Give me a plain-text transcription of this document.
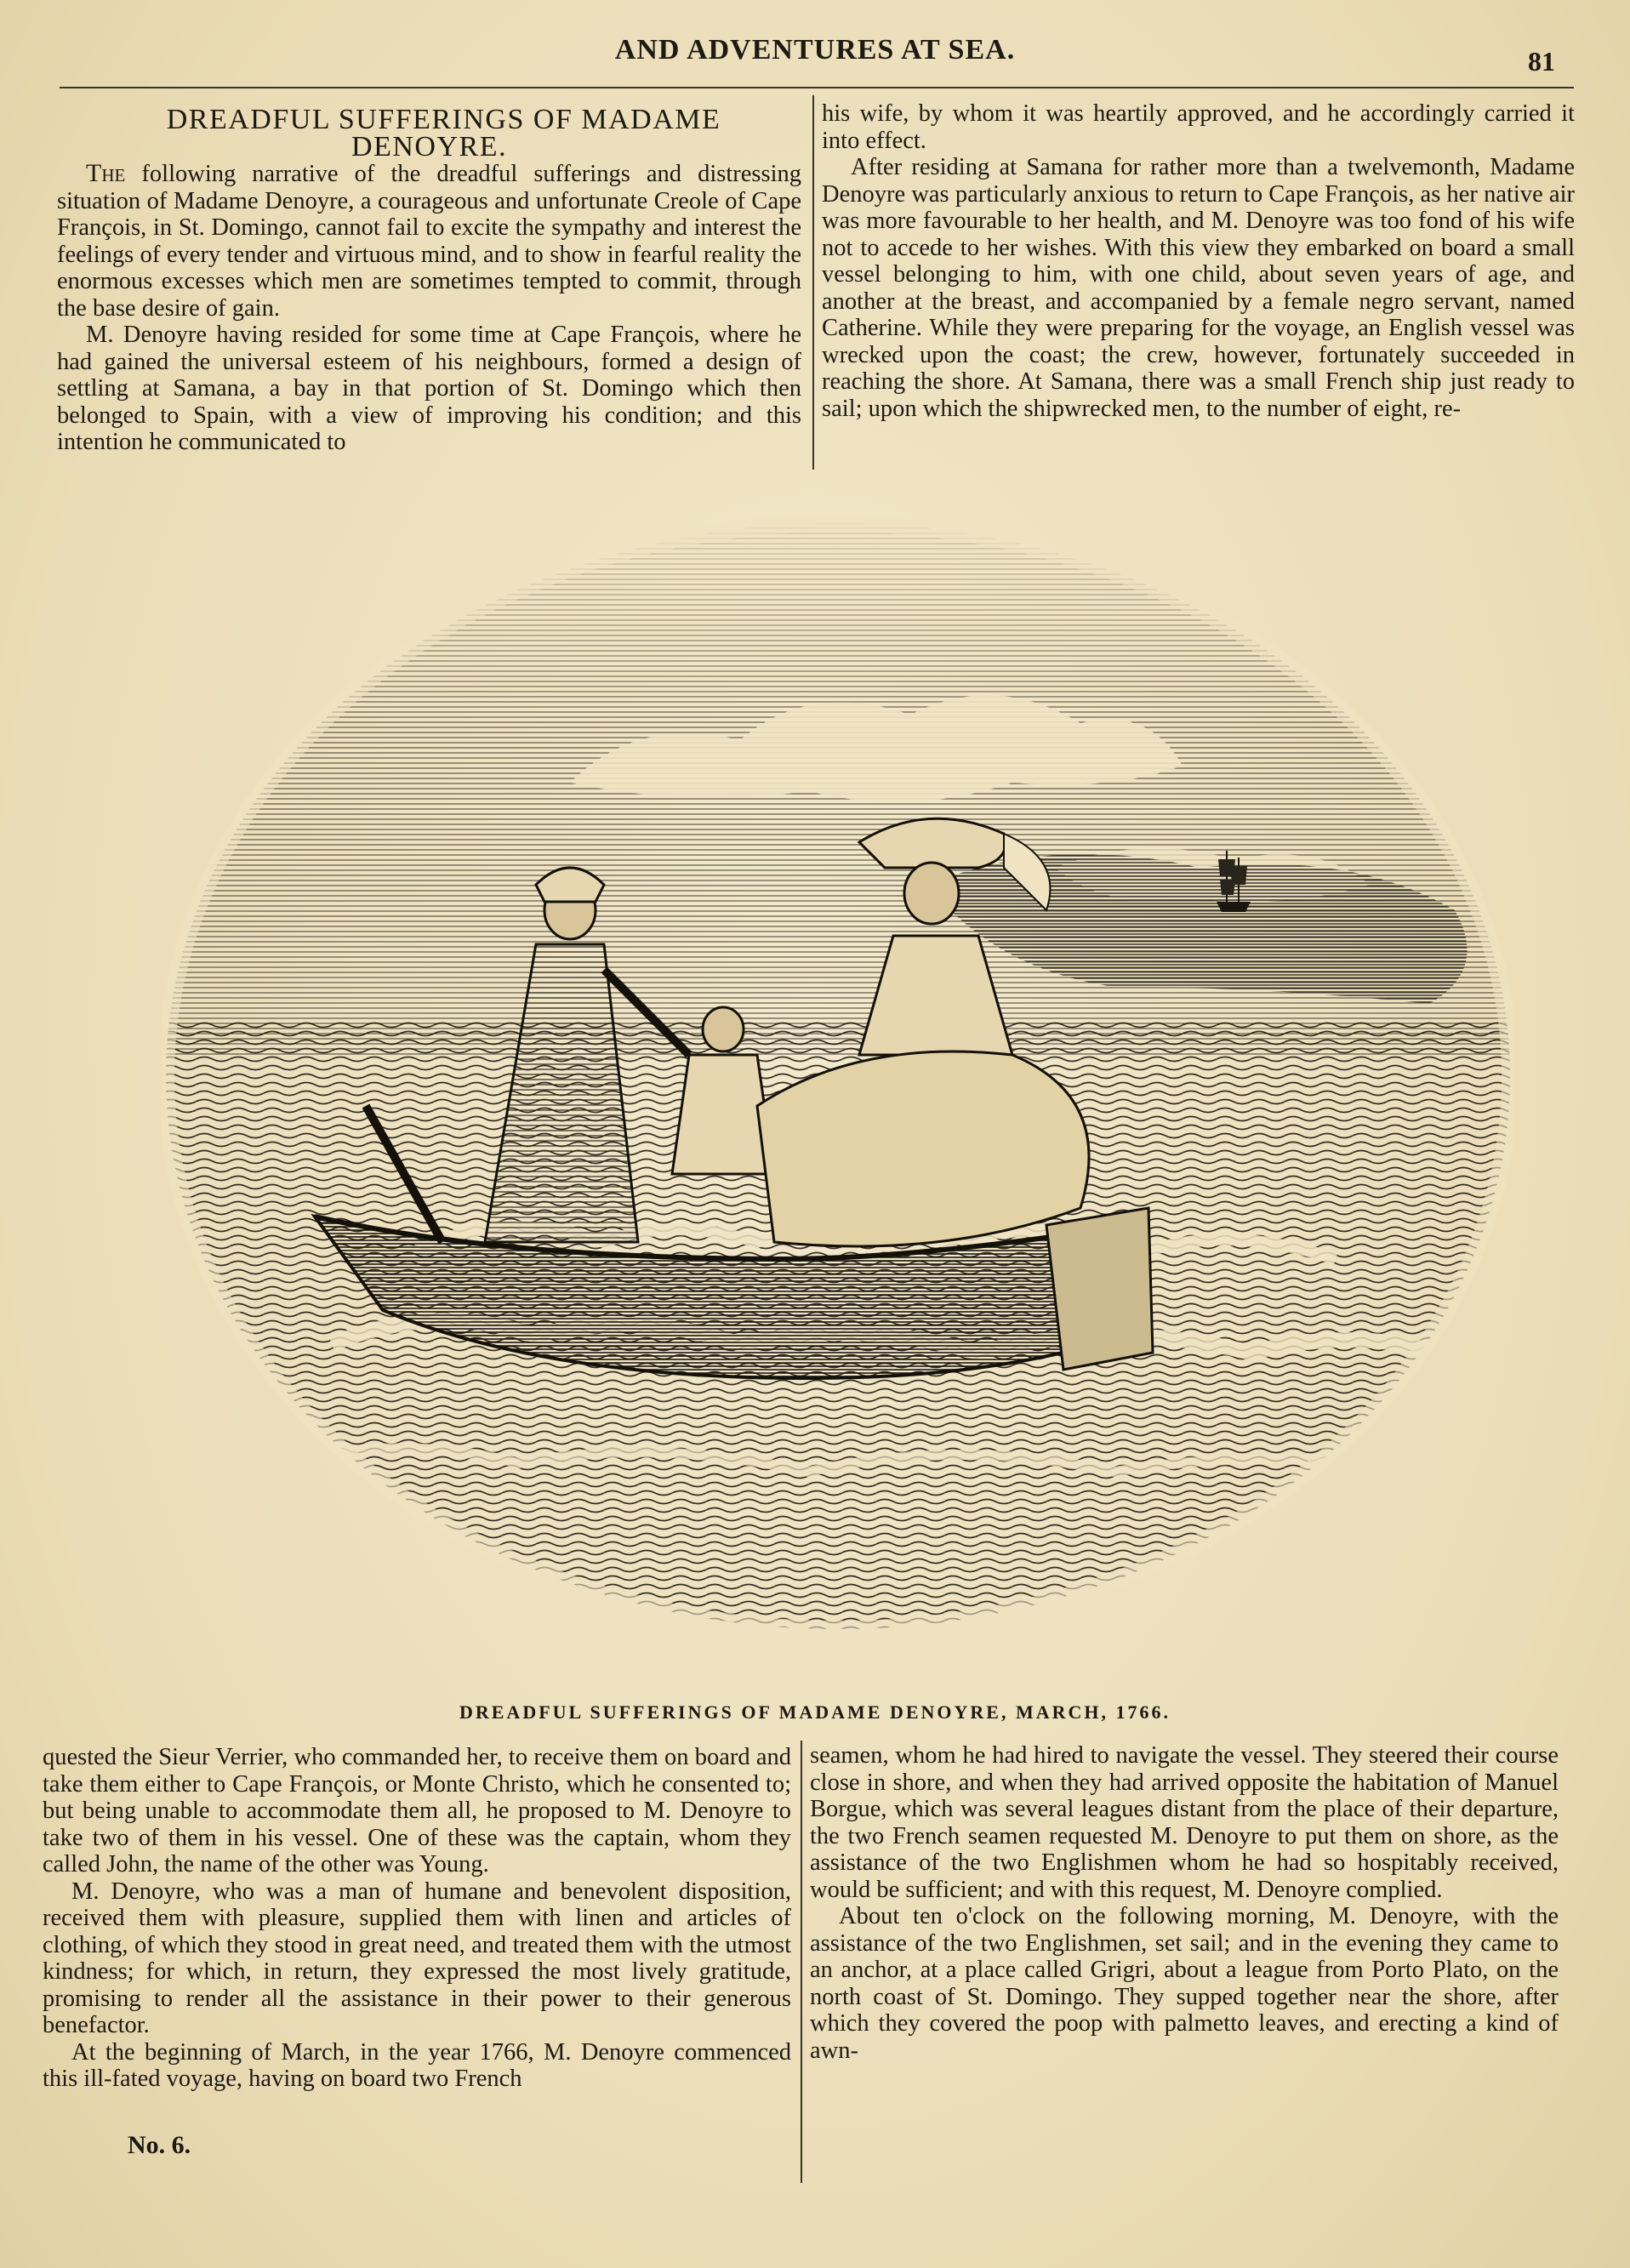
AND ADVENTURES AT SEA.	81

DREADFUL SUFFERINGS OF MADAME DENOYRE.

The following narrative of the dreadful sufferings and distressing situation of Madame Denoyre, a courageous and unfortunate Creole of Cape François, in St. Domingo, cannot fail to excite the sympathy and interest the feelings of every tender and virtuous mind, and to show in fearful reality the enormous excesses which men are sometimes tempted to commit, through the base desire of gain.

M. Denoyre having resided for some time at Cape François, where he had gained the universal esteem of his neighbours, formed a design of settling at Samana, a bay in that portion of St. Domingo which then belonged to Spain, with a view of improving his condition; and this intention he communicated to

his wife, by whom it was heartily approved, and he accordingly carried it into effect.

After residing at Samana for rather more than a twelvemonth, Madame Denoyre was particularly anxious to return to Cape François, as her native air was more favourable to her health, and M. Denoyre was too fond of his wife not to accede to her wishes. With this view they embarked on board a small vessel belonging to him, with one child, about seven years of age, and another at the breast, and accompanied by a female negro servant, named Catherine. While they were preparing for the voyage, an English vessel was wrecked upon the coast; the crew, however, fortunately succeeded in reaching the shore. At Samana, there was a small French ship just ready to sail; upon which the shipwrecked men, to the number of eight, re-

DREADFUL SUFFERINGS OF MADAME DENOYRE, MARCH, 1766.

quested the Sieur Verrier, who commanded her, to receive them on board and take them either to Cape François, or Monte Christo, which he consented to; but being unable to accommodate them all, he proposed to M. Denoyre to take two of them in his vessel. One of these was the captain, whom they called John, the name of the other was Young.

M. Denoyre, who was a man of humane and benevolent disposition, received them with pleasure, supplied them with linen and articles of clothing, of which they stood in great need, and treated them with the utmost kindness; for which, in return, they expressed the most lively gratitude, promising to render all the assistance in their power to their generous benefactor.

At the beginning of March, in the year 1766, M. Denoyre commenced this ill-fated voyage, having on board two French

seamen, whom he had hired to navigate the vessel. They steered their course close in shore, and when they had arrived opposite the habitation of Manuel Borgue, which was several leagues distant from the place of their departure, the two French seamen requested M. Denoyre to put them on shore, as the assistance of the two Englishmen whom he had so hospitably received, would be sufficient; and with this request, M. Denoyre complied.

About ten o'clock on the following morning, M. Denoyre, with the assistance of the two Englishmen, set sail; and in the evening they came to an anchor, at a place called Grigri, about a league from Porto Plato, on the north coast of St. Domingo. They supped together near the shore, after which they covered the poop with palmetto leaves, and erecting a kind of awn-

No. 6.
